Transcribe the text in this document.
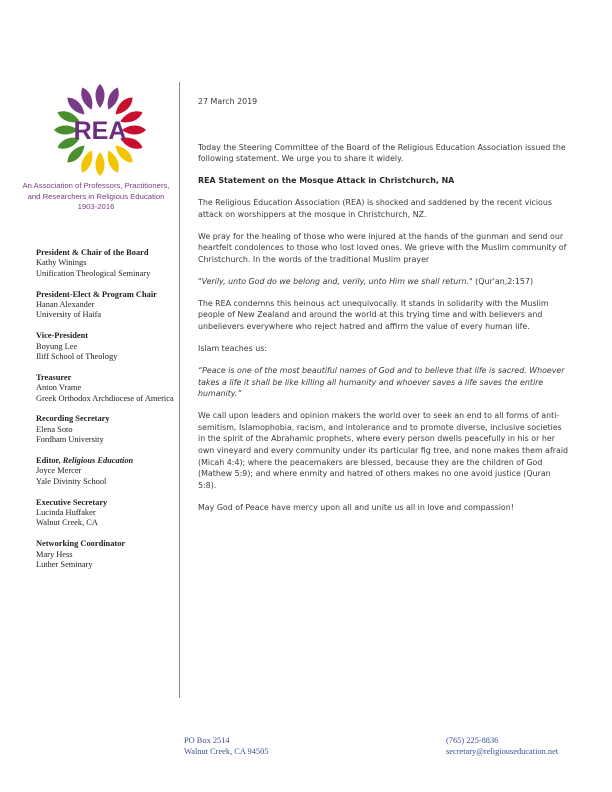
REA
An Association of Professors, Practitioners,
and Researchers in Religious Education
1903-2016
President & Chair of the Board
Kathy Winings
Unification Theological Seminary
President-Elect & Program Chair
Hanan Alexander
University of Haifa
Vice-President
Boyung Lee
Iliff School of Theology
Treasurer
Anton Vrame
Greek Orthodox Archdiocese of America
Recording Secretary
Elena Soto
Fordham University
Editor, Religious Education
Joyce Mercer
Yale Divinity School
Executive Secretary
Lucinda Huffaker
Walnut Creek, CA
Networking Coordinator
Mary Hess
Luther Seminary

27 March 2019

Today the Steering Committee of the Board of the Religious Education Association issued the following statement. We urge you to share it widely.

REA Statement on the Mosque Attack in Christchurch, NA

The Religious Education Association (REA) is shocked and saddened by the recent vicious attack on worshippers at the mosque in Christchurch, NZ.

We pray for the healing of those who were injured at the hands of the gunman and send our heartfelt condolences to those who lost loved ones. We grieve with the Muslim community of Christchurch. In the words of the traditional Muslim prayer

"Verily, unto God do we belong and, verily, unto Him we shall return." (Qur'an,2:157)

The REA condemns this heinous act unequivocally. It stands in solidarity with the Muslim people of New Zealand and around the world at this trying time and with believers and unbelievers everywhere who reject hatred and affirm the value of every human life.

Islam teaches us:

“Peace is one of the most beautiful names of God and to believe that life is sacred. Whoever takes a life it shall be like killing all humanity and whoever saves a life saves the entire humanity.”

We call upon leaders and opinion makers the world over to seek an end to all forms of anti-semitism, Islamophobia, racism, and intolerance and to promote diverse, inclusive societies in the spirit of the Abrahamic prophets, where every person dwells peacefully in his or her own vineyard and every community under its particular fig tree, and none makes them afraid (Micah 4:4); where the peacemakers are blessed, because they are the children of God (Mathew 5:9); and where enmity and hatred of others makes no one avoid justice (Quran 5:8).

May God of Peace have mercy upon all and unite us all in love and compassion!

PO Box 2514
Walnut Creek, CA 94505
(765) 225-8836
secretary@religiouseducation.net
